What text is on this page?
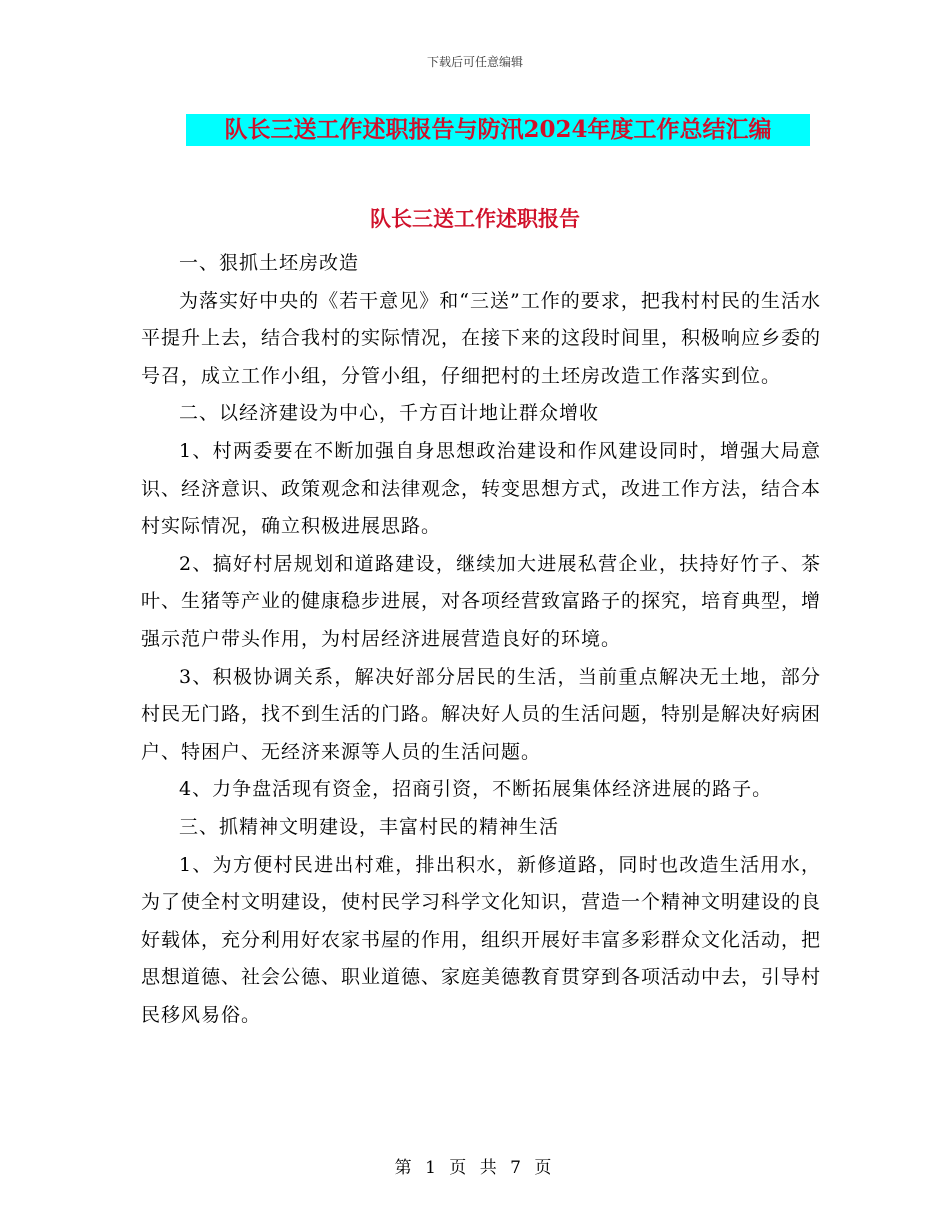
下载后可任意编辑
队长三送工作述职报告与防汛2024年度工作总结汇编
队长三送工作述职报告

一、狠抓土坯房改造

为落实好中央的《若干意见》和“三送”工作的要求，把我村村民的生活水平提升上去，结合我村的实际情况，在接下来的这段时间里，积极响应乡委的号召，成立工作小组，分管小组，仔细把村的土坯房改造工作落实到位。

二、以经济建设为中心，千方百计地让群众增收

1、村两委要在不断加强自身思想政治建设和作风建设同时，增强大局意识、经济意识、政策观念和法律观念，转变思想方式，改进工作方法，结合本村实际情况，确立积极进展思路。

2、搞好村居规划和道路建设，继续加大进展私营企业，扶持好竹子、茶叶、生猪等产业的健康稳步进展，对各项经营致富路子的探究，培育典型，增强示范户带头作用，为村居经济进展营造良好的环境。

3、积极协调关系，解决好部分居民的生活，当前重点解决无土地，部分村民无门路，找不到生活的门路。解决好人员的生活问题，特别是解决好病困户、特困户、无经济来源等人员的生活问题。

4、力争盘活现有资金，招商引资，不断拓展集体经济进展的路子。

三、抓精神文明建设，丰富村民的精神生活

1、为方便村民进出村难，排出积水，新修道路，同时也改造生活用水，为了使全村文明建设，使村民学习科学文化知识，营造一个精神文明建设的良好载体，充分利用好农家书屋的作用，组织开展好丰富多彩群众文化活动，把思想道德、社会公德、职业道德、家庭美德教育贯穿到各项活动中去，引导村民移风易俗。

第 1 页 共 7 页
